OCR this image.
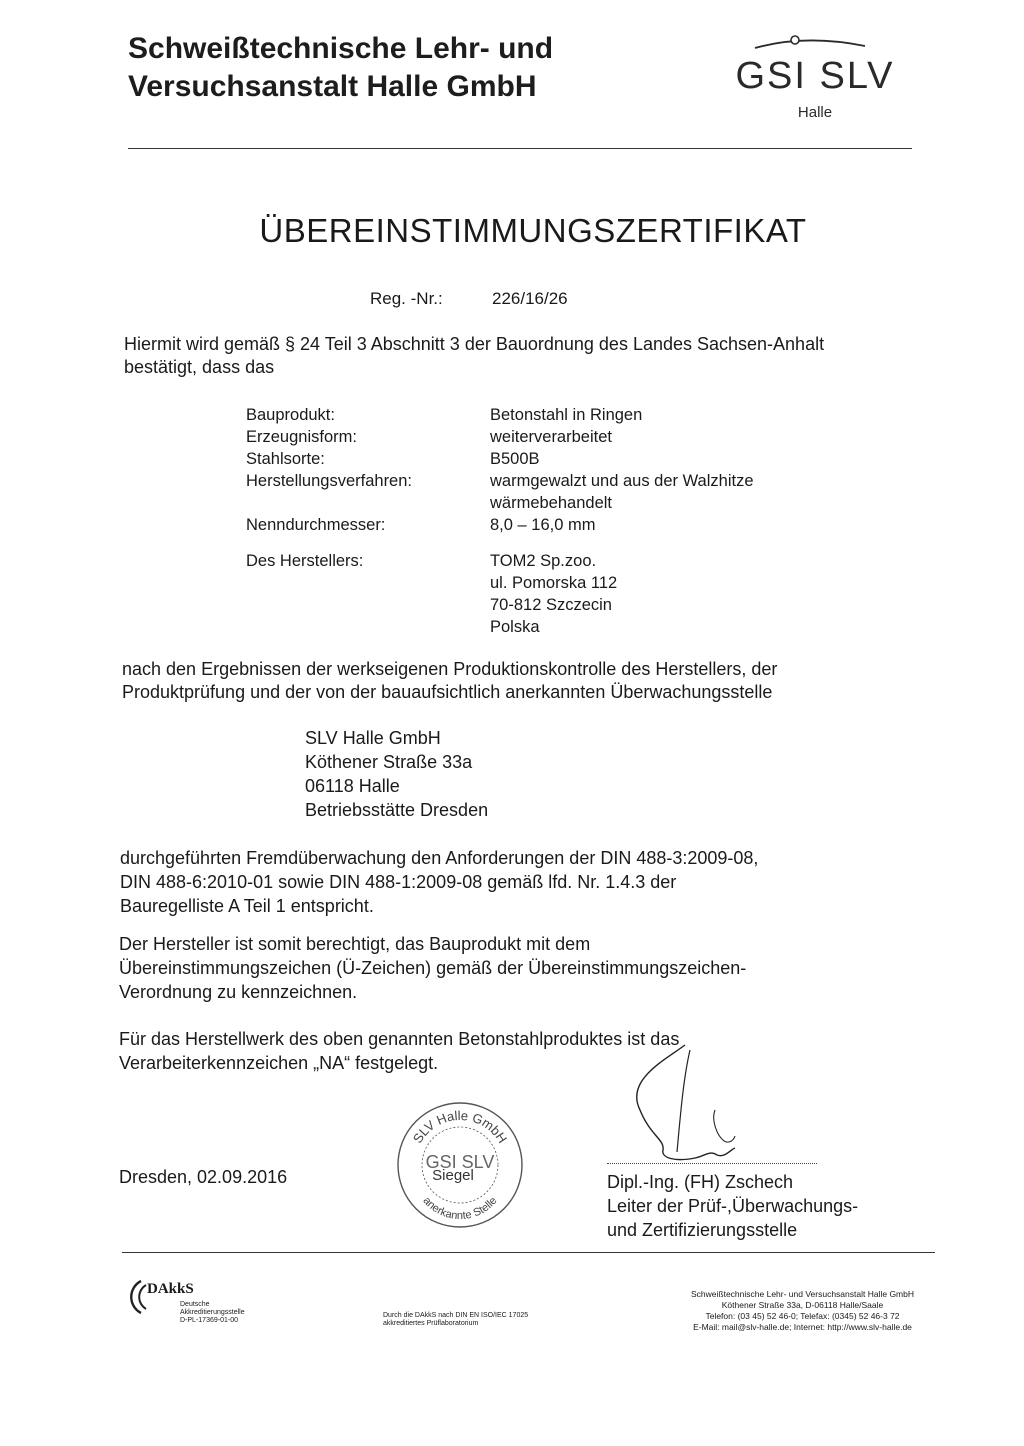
Schweißtechnische Lehr- und
Versuchsanstalt Halle GmbH	GSI SLV
Halle
ÜBEREINSTIMMUNGSZERTIFIKAT
Reg. -Nr.:	226/16/26
Hiermit wird gemäß § 24 Teil 3 Abschnitt 3 der Bauordnung des Landes Sachsen-Anhalt
bestätigt, dass das
Bauprodukt:	Betonstahl in Ringen
Erzeugnisform:	weiterverarbeitet
Stahlsorte:	B500B
Herstellungsverfahren:	warmgewalzt und aus der Walzhitze
wärmebehandelt
Nenndurchmesser:	8,0 – 16,0 mm
Des Herstellers:	TOM2 Sp.zoo.
ul. Pomorska 112
70-812 Szczecin
Polska
nach den Ergebnissen der werkseigenen Produktionskontrolle des Herstellers, der
Produktprüfung und der von der bauaufsichtlich anerkannten Überwachungsstelle
SLV Halle GmbH
Köthener Straße 33a
06118 Halle
Betriebsstätte Dresden
durchgeführten Fremdüberwachung den Anforderungen der DIN 488-3:2009-08,
DIN 488-6:2010-01 sowie DIN 488-1:2009-08 gemäß lfd. Nr. 1.4.3 der
Bauregelliste A Teil 1 entspricht.
Der Hersteller ist somit berechtigt, das Bauprodukt mit dem
Übereinstimmungszeichen (Ü-Zeichen) gemäß der Übereinstimmungszeichen-
Verordnung zu kennzeichnen.
Für das Herstellwerk des oben genannten Betonstahlproduktes ist das
Verarbeiterkennzeichen „NA“ festgelegt.
Dresden, 02.09.2016
SLV Halle GmbH
anerkannte Stelle
GSI SLV
Siegel	Dipl.-Ing. (FH) Zschech
Leiter der Prüf-,Überwachungs-
und Zertifizierungsstelle
DAkkS
Deutsche
Akkreditierungsstelle
D-PL-17369-01-00
Durch die DAkkS nach DIN EN ISO/IEC 17025
akkreditiertes Prüflaboratorium
Schweißtechnische Lehr- und Versuchsanstalt Halle GmbH
Köthener Straße 33a, D-06118 Halle/Saale
Telefon: (03 45) 52 46-0; Telefax: (0345) 52 46-3 72
E-Mail: mail@slv-halle.de; Internet: http://www.slv-halle.de
